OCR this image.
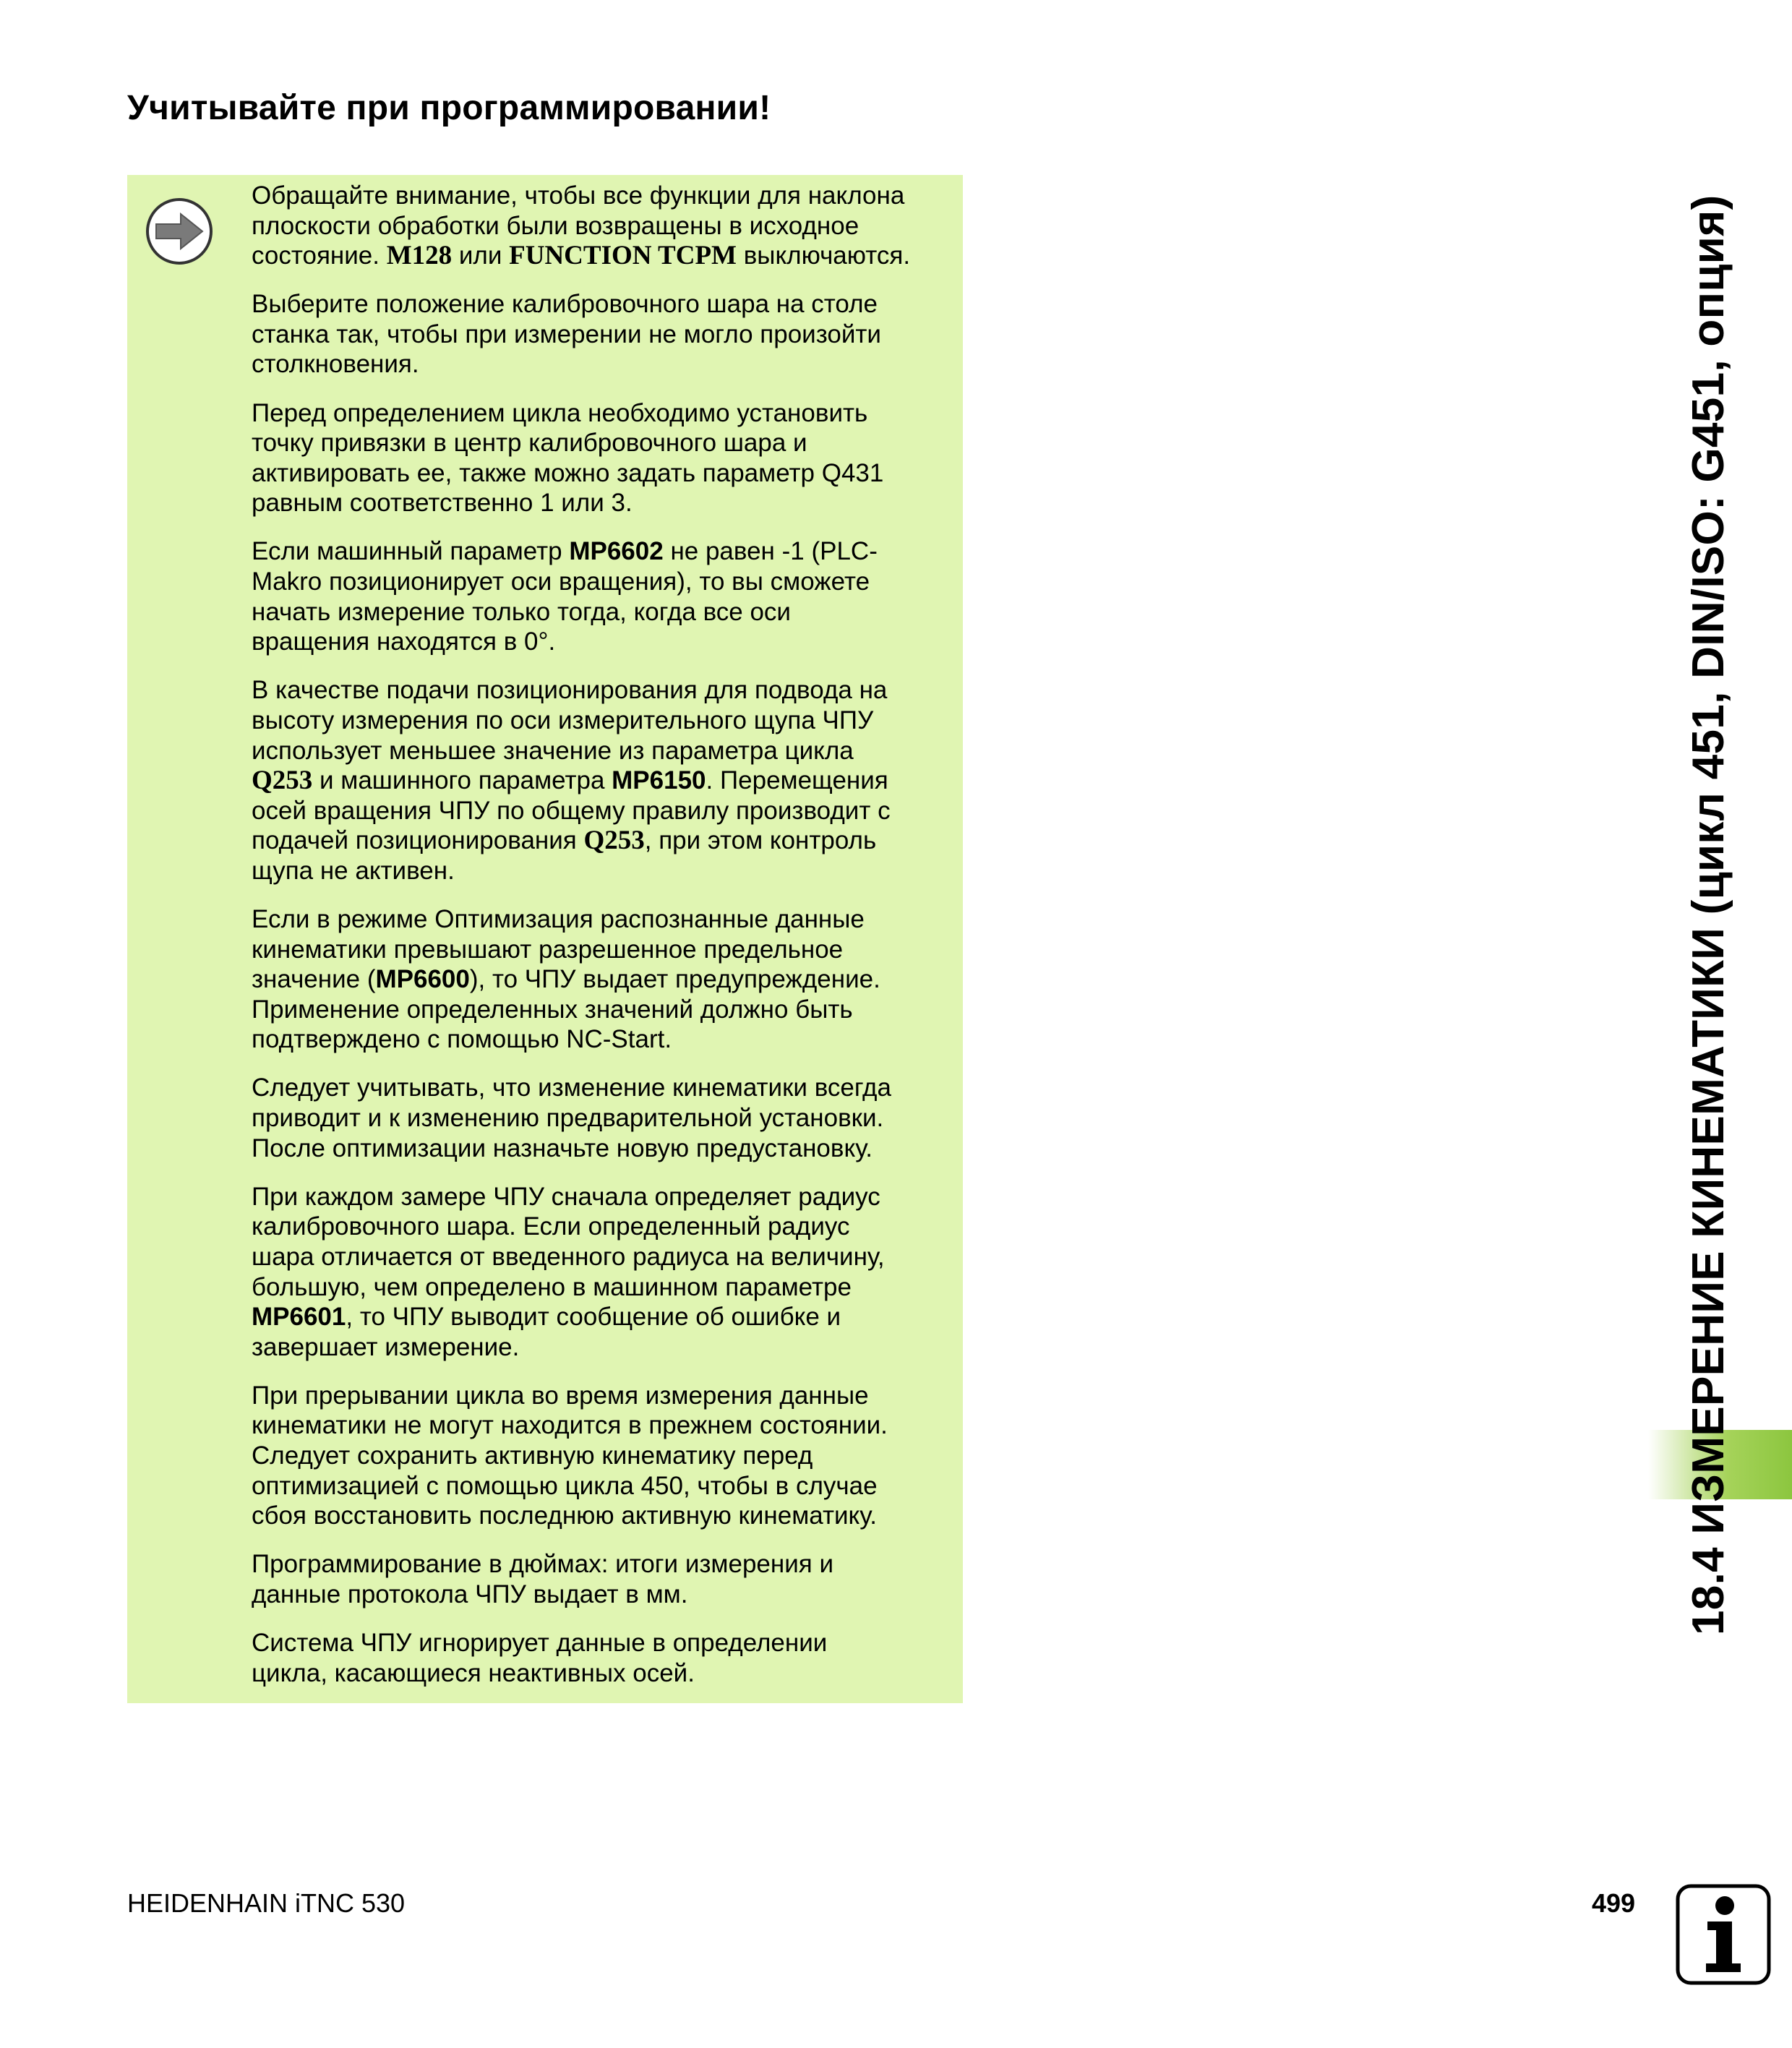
Учитывайте при программировании!

Обращайте внимание, чтобы все функции для наклона
плоскости обработки были возвращены в исходное
состояние. M128 или FUNCTION TCPM выключаются.

Выберите положение калибровочного шара на столе
станка так, чтобы при измерении не могло произойти
столкновения.

Перед определением цикла необходимо установить
точку привязки в центр калибровочного шара и
активировать ее, также можно задать параметр Q431
равным соответственно 1 или 3.

Если машинный параметр MP6602 не равен -1 (PLC-
Makro позиционирует оси вращения), то вы сможете
начать измерение только тогда, когда все оси
вращения находятся в 0°.

В качестве подачи позиционирования для подвода на
высоту измерения по оси измерительного щупа ЧПУ
использует меньшее значение из параметра цикла
Q253 и машинного параметра MP6150. Перемещения
осей вращения ЧПУ по общему правилу производит с
подачей позиционирования Q253, при этом контроль
щупа не активен.

Если в режиме Оптимизация распознанные данные
кинематики превышают разрешенное предельное
значение (MP6600), то ЧПУ выдает предупреждение.
Применение определенных значений должно быть
подтверждено с помощью NC-Start.

Следует учитывать, что изменение кинематики всегда
приводит и к изменению предварительной установки.
После оптимизации назначьте новую предустановку.

При каждом замере ЧПУ сначала определяет радиус
калибровочного шара. Если определенный радиус
шара отличается от введенного радиуса на величину,
большую, чем определено в машинном параметре
MP6601, то ЧПУ выводит сообщение об ошибке и
завершает измерение.

При прерывании цикла во время измерения данные
кинематики не могут находится в прежнем состоянии.
Следует сохранить активную кинематику перед
оптимизацией с помощью цикла 450, чтобы в случае
сбоя восстановить последнюю активную кинематику.

Программирование в дюймах: итоги измерения и
данные протокола ЧПУ выдает в мм.

Система ЧПУ игнорирует данные в определении
цикла, касающиеся неактивных осей.

18.4 ИЗМЕРЕНИЕ КИНЕМАТИКИ (цикл 451, DIN/ISO: G451, опция)

HEIDENHAIN iTNC 530	499
